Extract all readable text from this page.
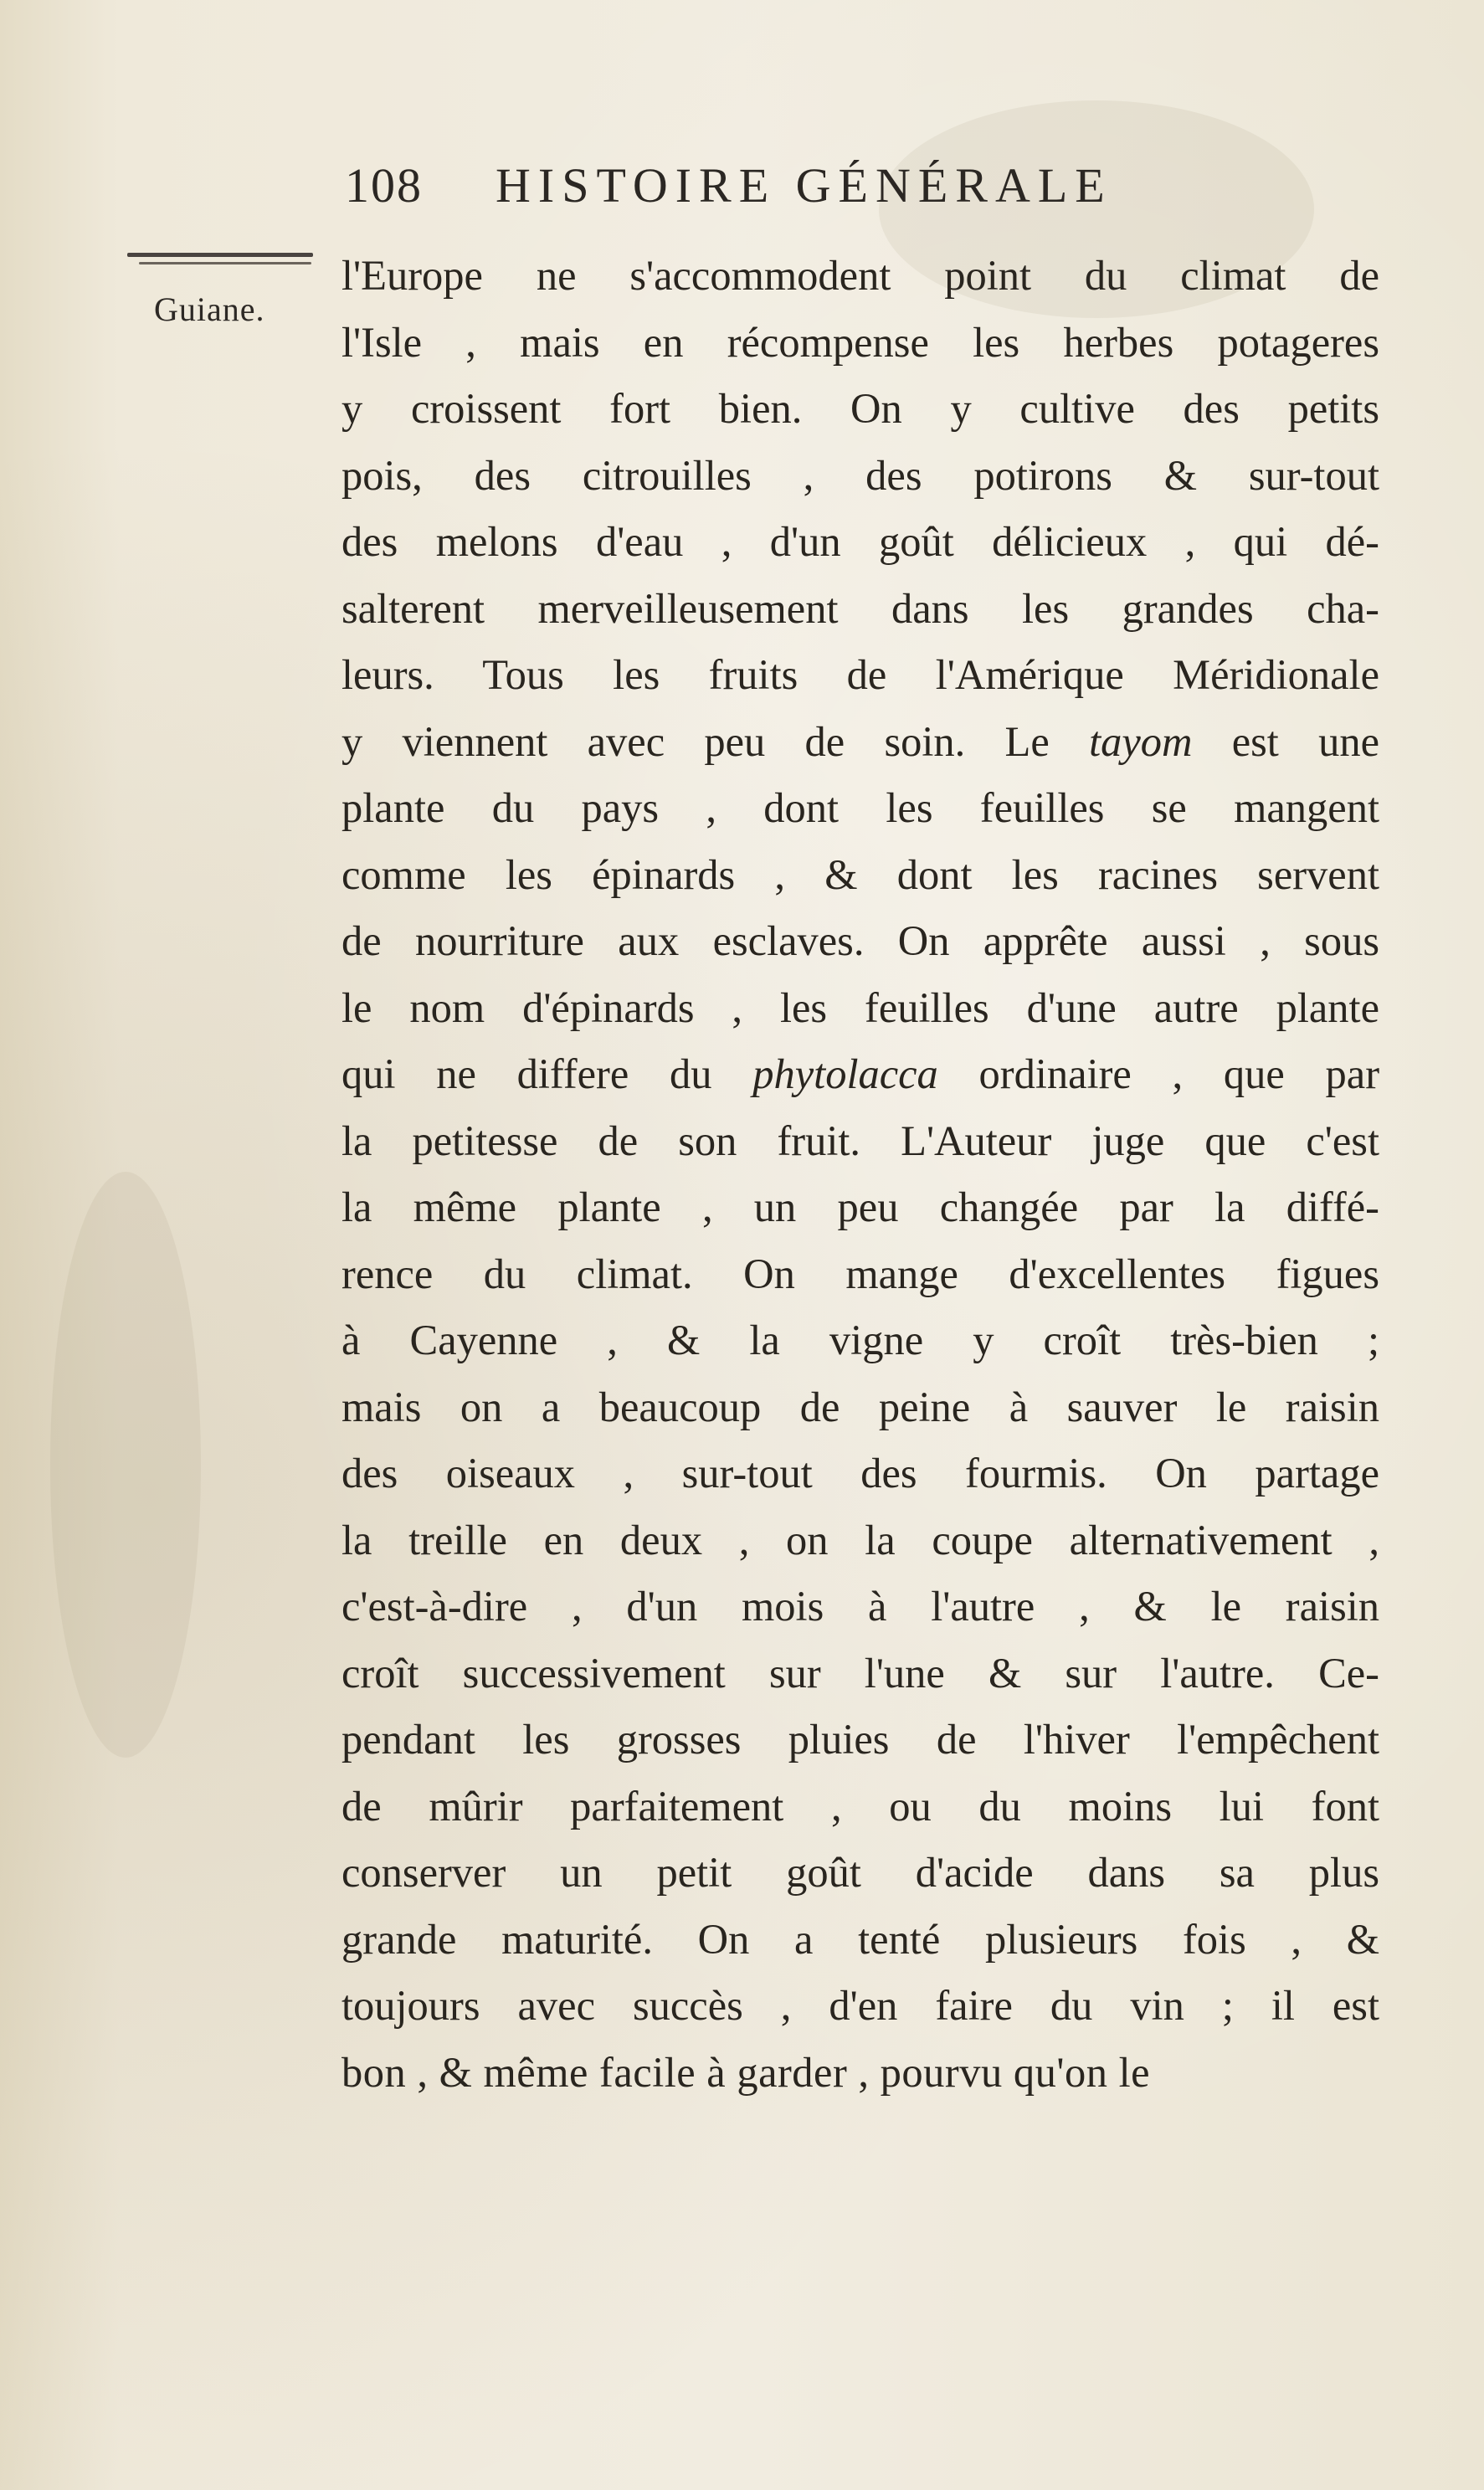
108 HISTOIRE GÉNÉRALE
Guiane.
l'Europe ne s'accommodent point du climat de
l'Isle , mais en récompense les herbes potageres
y croissent fort bien. On y cultive des petits
pois, des citrouilles , des potirons & sur-tout
des melons d'eau , d'un goût délicieux , qui dé-
salterent merveilleusement dans les grandes cha-
leurs. Tous les fruits de l'Amérique Méridionale
y viennent avec peu de soin. Le tayom est une
plante du pays , dont les feuilles se mangent
comme les épinards , & dont les racines servent
de nourriture aux esclaves. On apprête aussi , sous
le nom d'épinards , les feuilles d'une autre plante
qui ne differe du phytolacca ordinaire , que par
la petitesse de son fruit. L'Auteur juge que c'est
la même plante , un peu changée par la diffé-
rence du climat. On mange d'excellentes figues
à Cayenne , & la vigne y croît très-bien ;
mais on a beaucoup de peine à sauver le raisin
des oiseaux , sur-tout des fourmis. On partage
la treille en deux , on la coupe alternativement ,
c'est-à-dire , d'un mois à l'autre , & le raisin
croît successivement sur l'une & sur l'autre. Ce-
pendant les grosses pluies de l'hiver l'empêchent
de mûrir parfaitement , ou du moins lui font
conserver un petit goût d'acide dans sa plus
grande maturité. On a tenté plusieurs fois , &
toujours avec succès , d'en faire du vin ; il est
bon , & même facile à garder , pourvu qu'on le
